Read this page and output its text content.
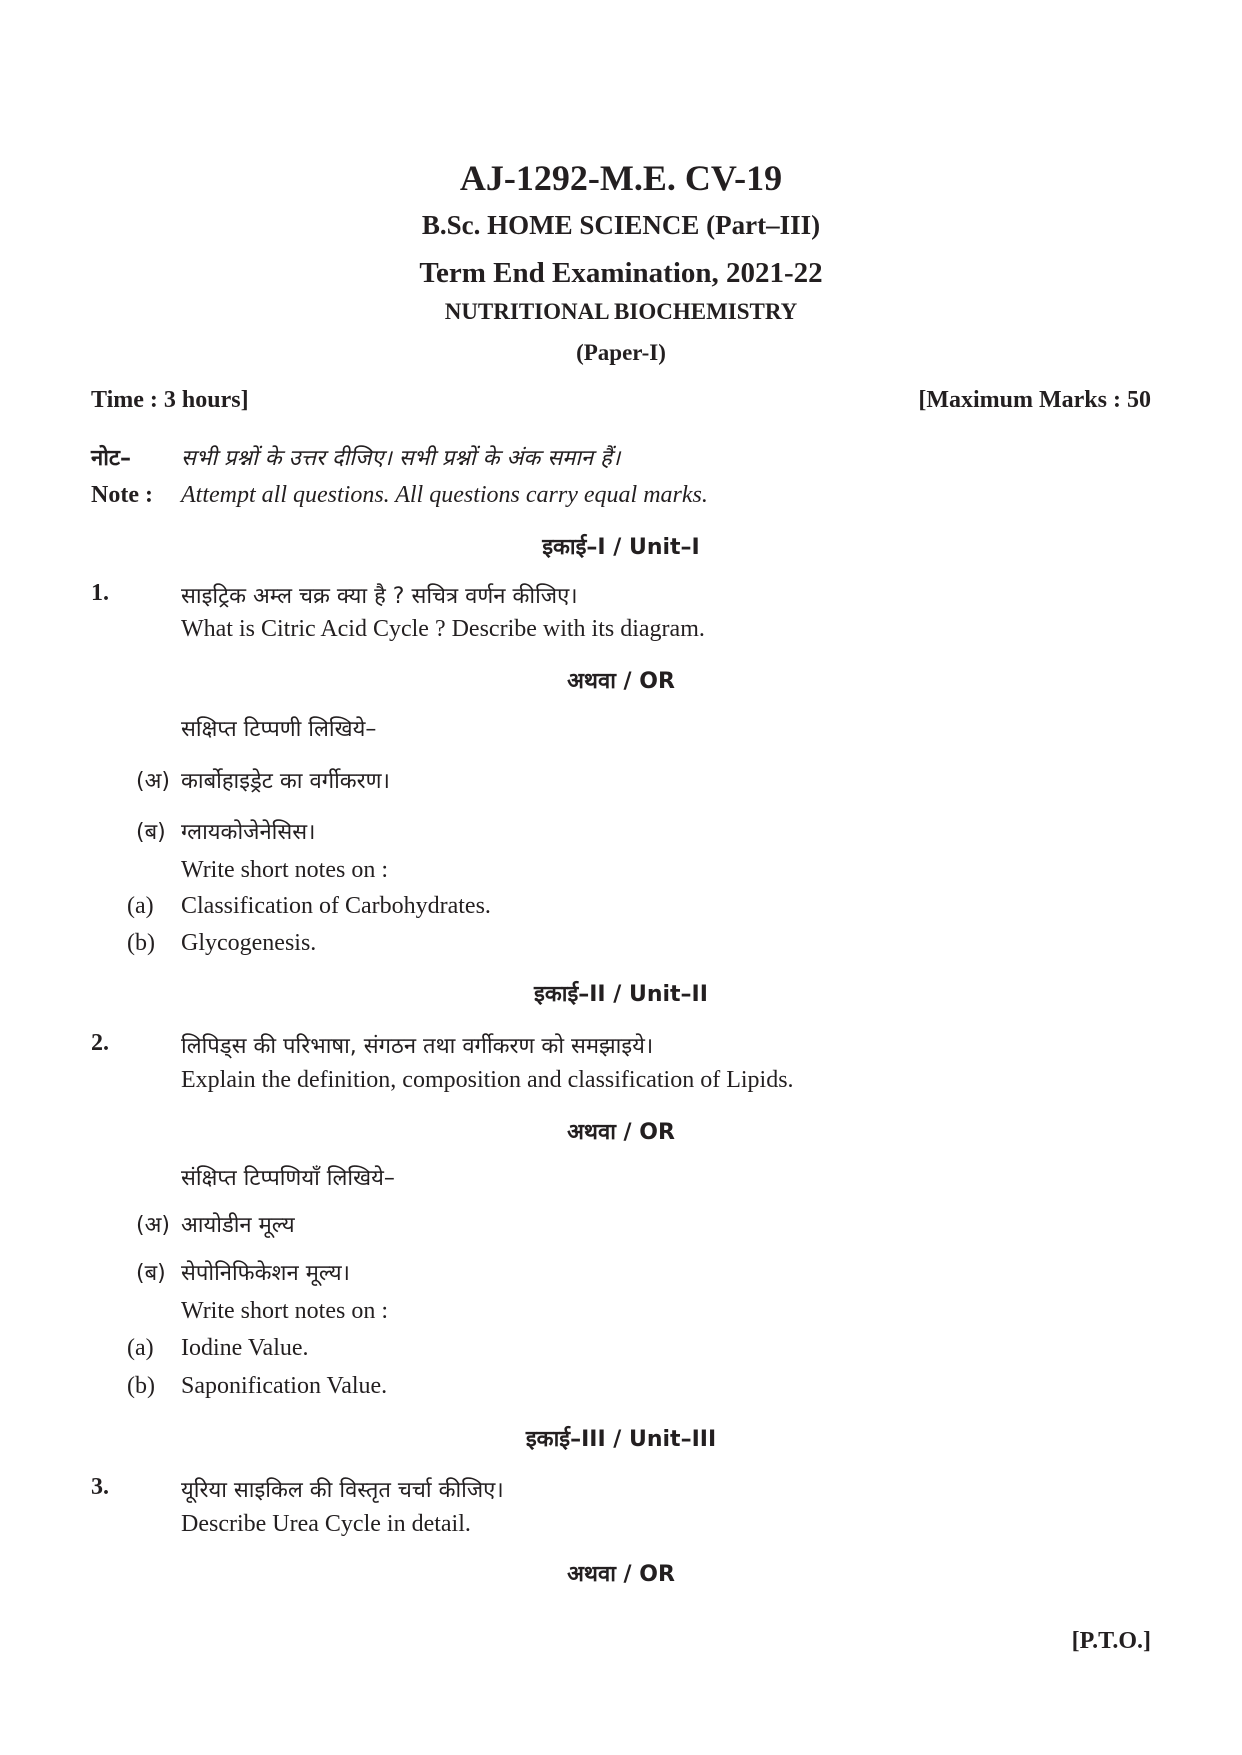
AJ-1292-M.E. CV-19
B.Sc. HOME SCIENCE (Part–III)
Term End Examination, 2021-22
NUTRITIONAL BIOCHEMISTRY
(Paper-I)
Time : 3 hours]	[Maximum Marks : 50
नोट– सभी प्रश्नों के उत्तर दीजिए। सभी प्रश्नों के अंक समान हैं।
Note : Attempt all questions. All questions carry equal marks.
इकाई–I / Unit–I
1.	साइट्रिक अम्ल चक्र क्या है ? सचित्र वर्णन कीजिए।
What is Citric Acid Cycle ? Describe with its diagram.
अथवा / OR
सक्षिप्त टिप्पणी लिखिये–
(अ) कार्बोहाइड्रेट का वर्गीकरण।
(ब) ग्लायकोजेनेसिस।
Write short notes on :
(a) Classification of Carbohydrates.
(b) Glycogenesis.
इकाई–II / Unit–II
2.	लिपिड्स की परिभाषा, संगठन तथा वर्गीकरण को समझाइये।
Explain the definition, composition and classification of Lipids.
अथवा / OR
संक्षिप्त टिप्पणियाँ लिखिये–
(अ) आयोडीन मूल्य
(ब) सेपोनिफिकेशन मूल्य।
Write short notes on :
(a) Iodine Value.
(b) Saponification Value.
इकाई–III / Unit–III
3.	यूरिया साइकिल की विस्तृत चर्चा कीजिए।
Describe Urea Cycle in detail.
अथवा / OR
[P.T.O.]
